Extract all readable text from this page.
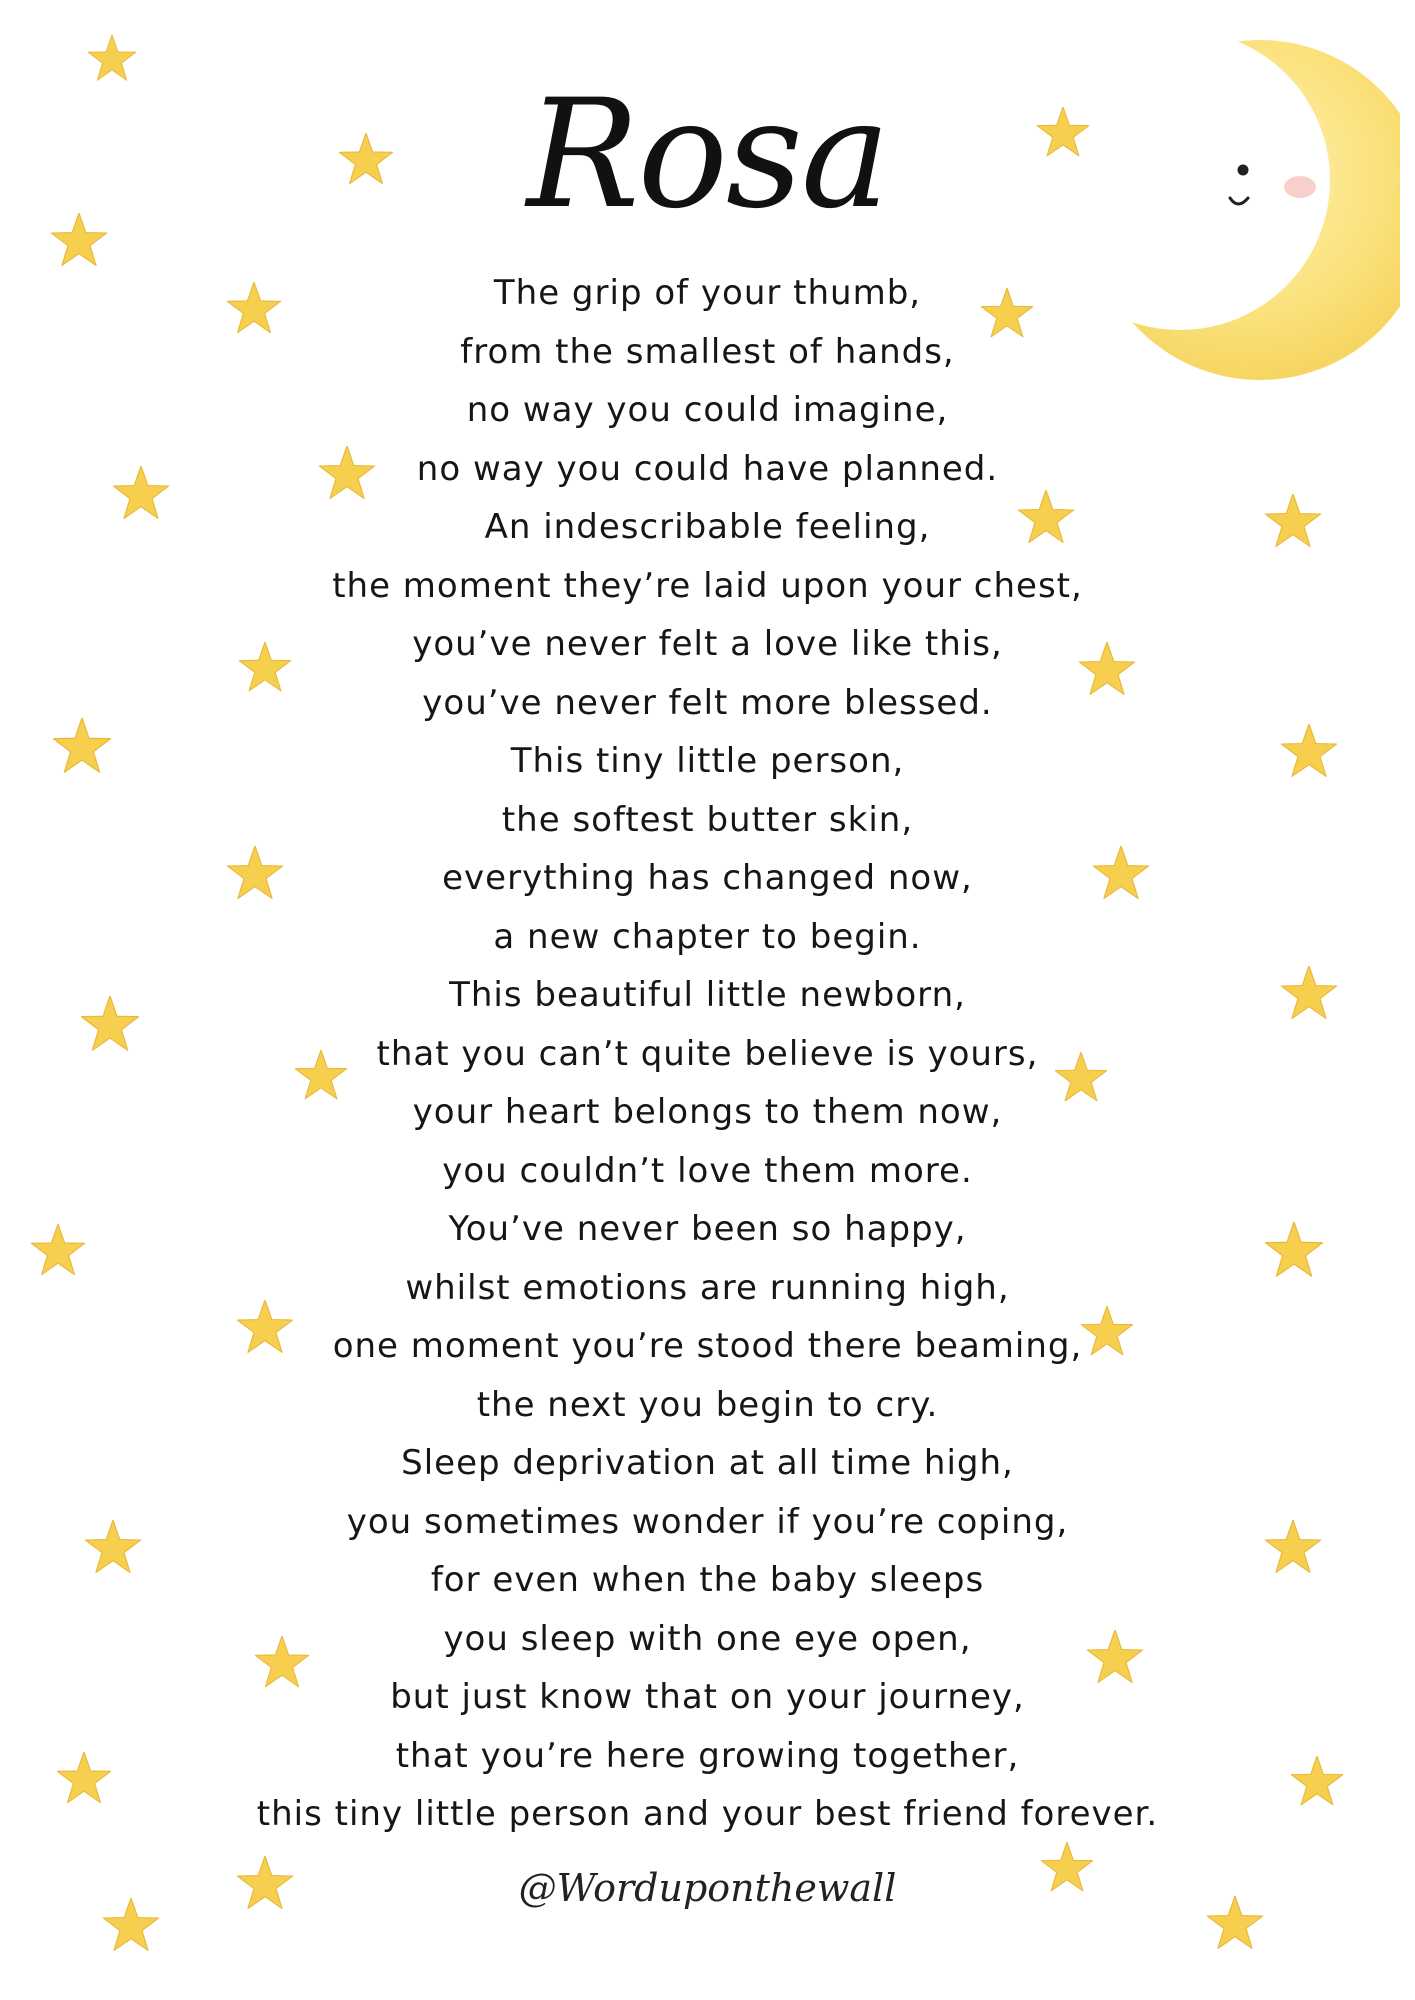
Rosa
The grip of your thumb,
from the smallest of hands,
no way you could imagine,
no way you could have planned.
An indescribable feeling,
the moment they’re laid upon your chest,
you’ve never felt a love like this,
you’ve never felt more blessed.
This tiny little person,
the softest butter skin,
everything has changed now,
a new chapter to begin.
This beautiful little newborn,
that you can’t quite believe is yours,
your heart belongs to them now,
you couldn’t love them more.
You’ve never been so happy,
whilst emotions are running high,
one moment you’re stood there beaming,
the next you begin to cry.
Sleep deprivation at all time high,
you sometimes wonder if you’re coping,
for even when the baby sleeps
you sleep with one eye open,
but just know that on your journey,
that you’re here growing together,
this tiny little person and your best friend forever.
@Worduponthewall
